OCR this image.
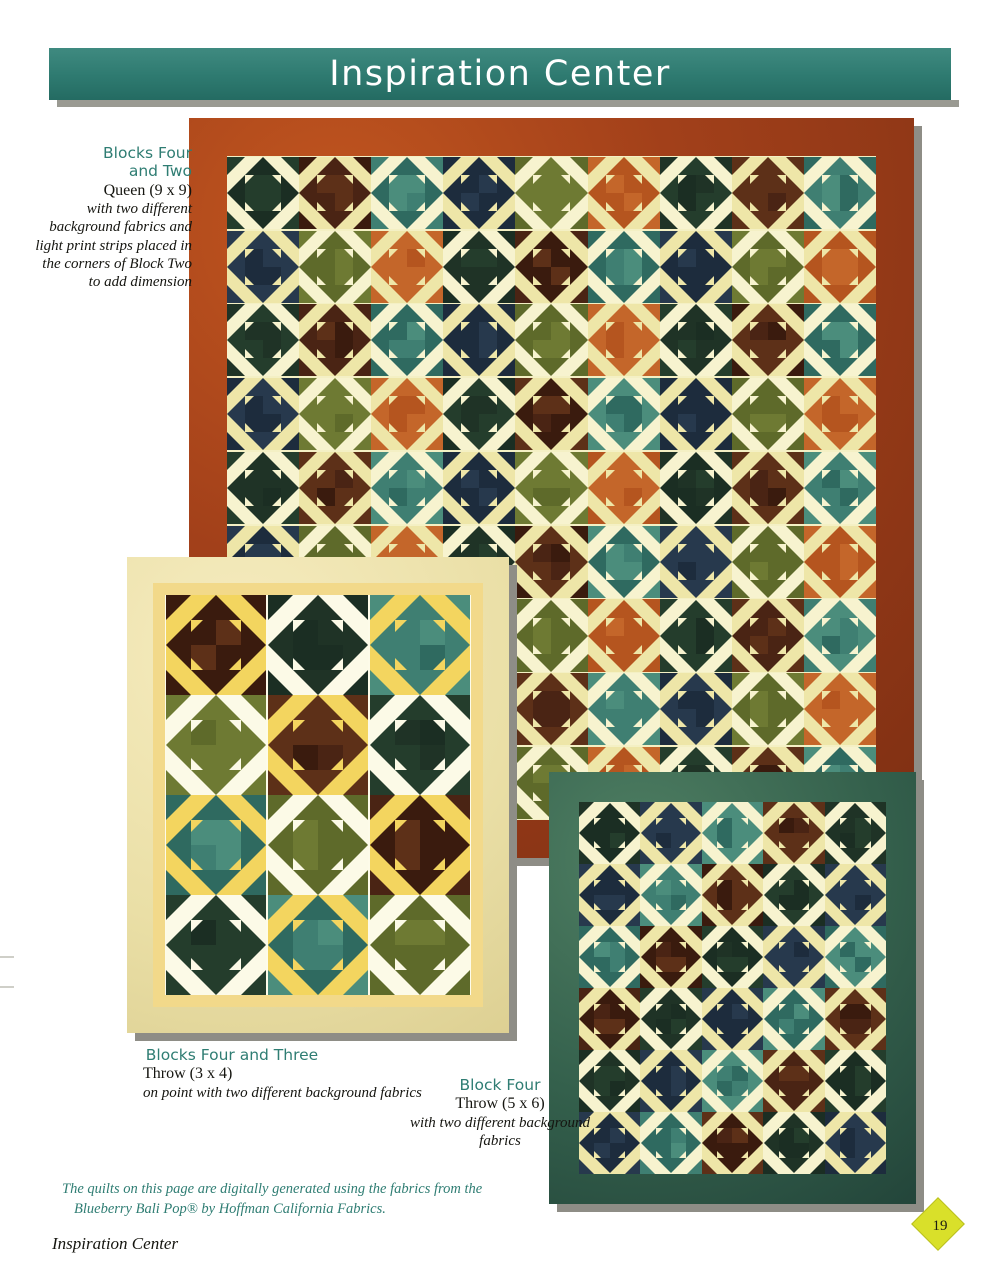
Inspiration Center
Blocks Four
and Two
Queen (9 x 9)
with two different background fabrics and light print strips placed in the corners of Block Two to add dimension
Blocks Four and Three
Throw (3 x 4)
on point with two different background fabrics	Block Four
Throw (5 x 6)
with two different background fabrics
The quilts on this page are digitally generated using the fabrics from the
Blueberry Bali Pop® by Hoffman California Fabrics.
Inspiration Center
19
